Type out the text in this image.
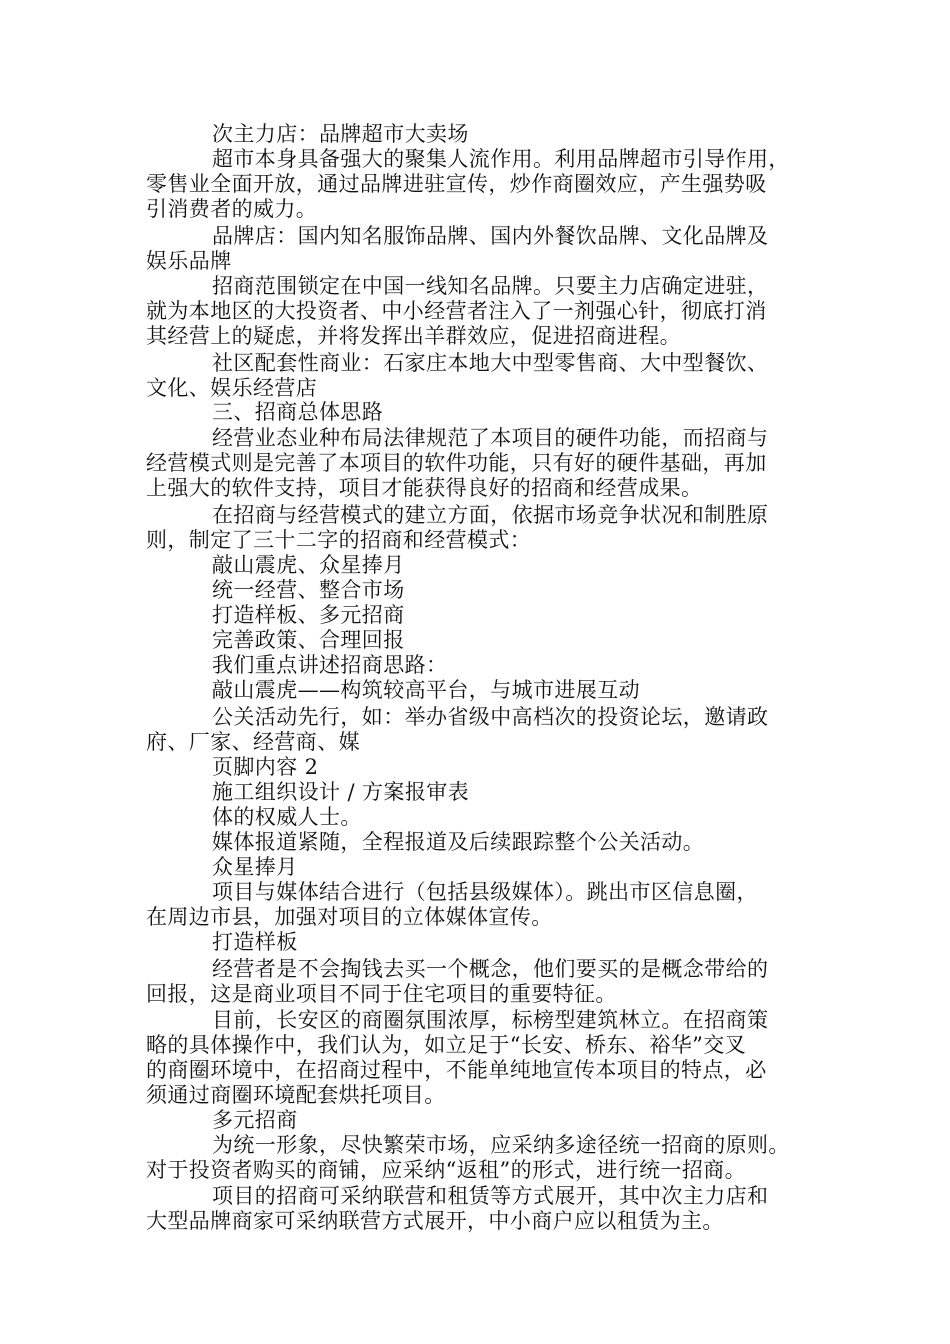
次主力店：品牌超市大卖场
超市本身具备强大的聚集人流作用。利用品牌超市引导作用，
零售业全面开放，通过品牌进驻宣传，炒作商圈效应，产生强势吸
引消费者的威力。
品牌店：国内知名服饰品牌、国内外餐饮品牌、文化品牌及
娱乐品牌
招商范围锁定在中国一线知名品牌。只要主力店确定进驻，
就为本地区的大投资者、中小经营者注入了一剂强心针，彻底打消
其经营上的疑虑，并将发挥出羊群效应，促进招商进程。
社区配套性商业：石家庄本地大中型零售商、大中型餐饮、
文化、娱乐经营店
三、招商总体思路
经营业态业种布局法律规范了本项目的硬件功能，而招商与
经营模式则是完善了本项目的软件功能，只有好的硬件基础，再加
上强大的软件支持，项目才能获得良好的招商和经营成果。
在招商与经营模式的建立方面，依据市场竞争状况和制胜原
则，制定了三十二字的招商和经营模式：
敲山震虎、众星捧月
统一经营、整合市场
打造样板、多元招商
完善政策、合理回报
我们重点讲述招商思路：
敲山震虎——构筑较高平台，与城市进展互动
公关活动先行，如：举办省级中高档次的投资论坛，邀请政
府、厂家、经营商、媒
页脚内容 2
施工组织设计 / 方案报审表
体的权威人士。
媒体报道紧随，全程报道及后续跟踪整个公关活动。
众星捧月
项目与媒体结合进行（包括县级媒体）。跳出市区信息圈，
在周边市县，加强对项目的立体媒体宣传。
打造样板
经营者是不会掏钱去买一个概念，他们要买的是概念带给的
回报，这是商业项目不同于住宅项目的重要特征。
目前，长安区的商圈氛围浓厚，标榜型建筑林立。在招商策
略的具体操作中，我们认为，如立足于“长安、桥东、裕华”交叉
的商圈环境中，在招商过程中，不能单纯地宣传本项目的特点，必
须通过商圈环境配套烘托项目。
多元招商
为统一形象，尽快繁荣市场，应采纳多途径统一招商的原则。
对于投资者购买的商铺，应采纳“返租”的形式，进行统一招商。
项目的招商可采纳联营和租赁等方式展开，其中次主力店和
大型品牌商家可采纳联营方式展开，中小商户应以租赁为主。
